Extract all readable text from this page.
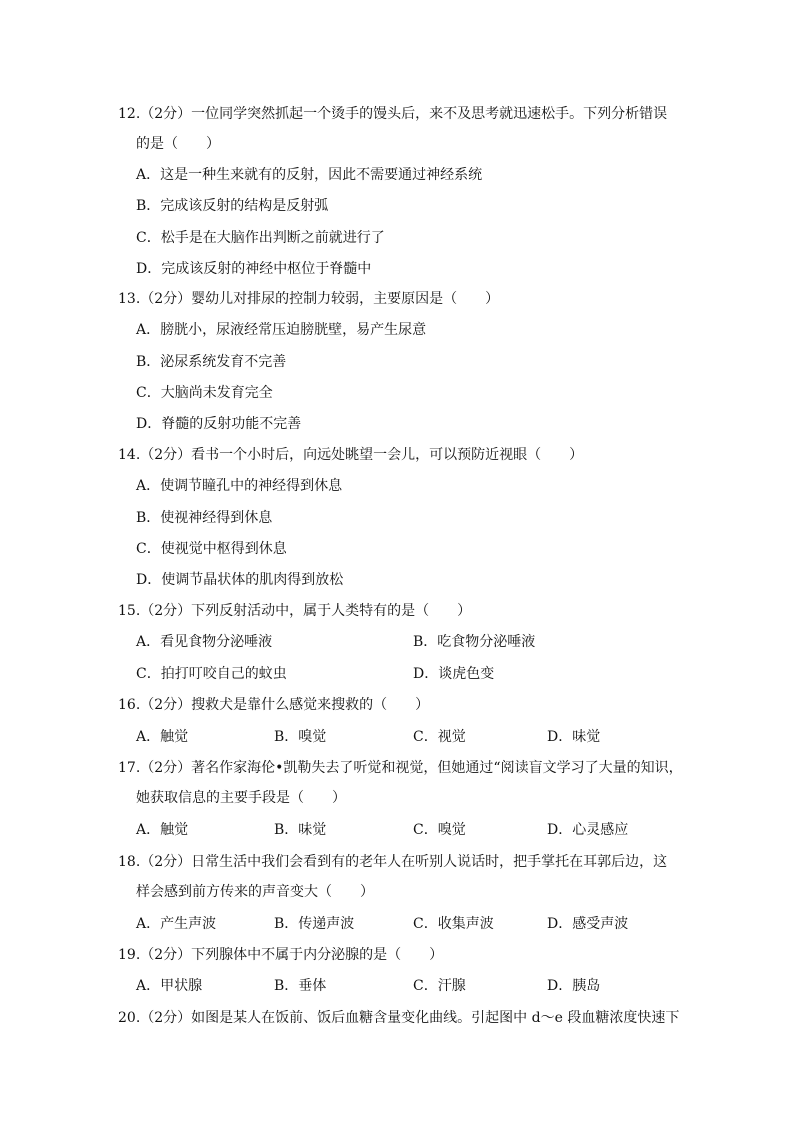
12.（2分）一位同学突然抓起一个烫手的馒头后，来不及思考就迅速松手。下列分析错误
的是（　　）
A．这是一种生来就有的反射，因此不需要通过神经系统
B．完成该反射的结构是反射弧
C．松手是在大脑作出判断之前就进行了
D．完成该反射的神经中枢位于脊髓中
13.（2分）婴幼儿对排尿的控制力较弱，主要原因是（　　）
A．膀胱小，尿液经常压迫膀胱壁，易产生尿意
B．泌尿系统发育不完善
C．大脑尚未发育完全
D．脊髓的反射功能不完善
14.（2分）看书一个小时后，向远处眺望一会儿，可以预防近视眼（　　）
A．使调节瞳孔中的神经得到休息
B．使视神经得到休息
C．使视觉中枢得到休息
D．使调节晶状体的肌肉得到放松
15.（2分）下列反射活动中，属于人类特有的是（　　）
A．看见食物分泌唾液	B．吃食物分泌唾液
C．拍打叮咬自己的蚊虫	D．谈虎色变
16.（2分）搜救犬是靠什么感觉来搜救的（　　）
A．触觉	B．嗅觉	C．视觉	D．味觉
17.（2分）著名作家海伦•凯勒失去了听觉和视觉，但她通过“阅读盲文学习了大量的知识，
她获取信息的主要手段是（　　）
A．触觉	B．味觉	C．嗅觉	D．心灵感应
18.（2分）日常生活中我们会看到有的老年人在听别人说话时，把手掌托在耳郭后边，这
样会感到前方传来的声音变大（　　）
A．产生声波	B．传递声波	C．收集声波	D．感受声波
19.（2分）下列腺体中不属于内分泌腺的是（　　）
A．甲状腺	B．垂体	C．汗腺	D．胰岛
20.（2分）如图是某人在饭前、饭后血糖含量变化曲线。引起图中 d～e 段血糖浓度快速下
